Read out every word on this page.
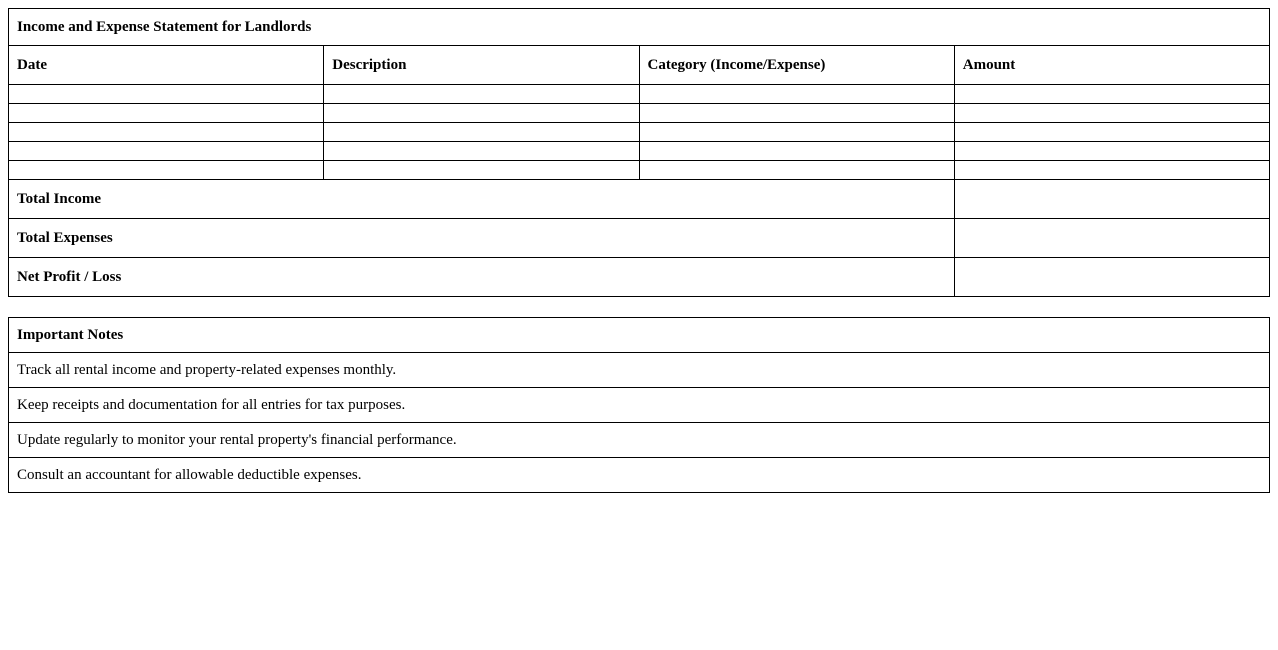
Income and Expense Statement for Landlords			
Date	Description	Category (Income/Expense)	Amount

Total Income			
Total Expenses			
Net Profit / Loss			
Important Notes
Track all rental income and property-related expenses monthly.
Keep receipts and documentation for all entries for tax purposes.
Update regularly to monitor your rental property's financial performance.
Consult an accountant for allowable deductible expenses.
